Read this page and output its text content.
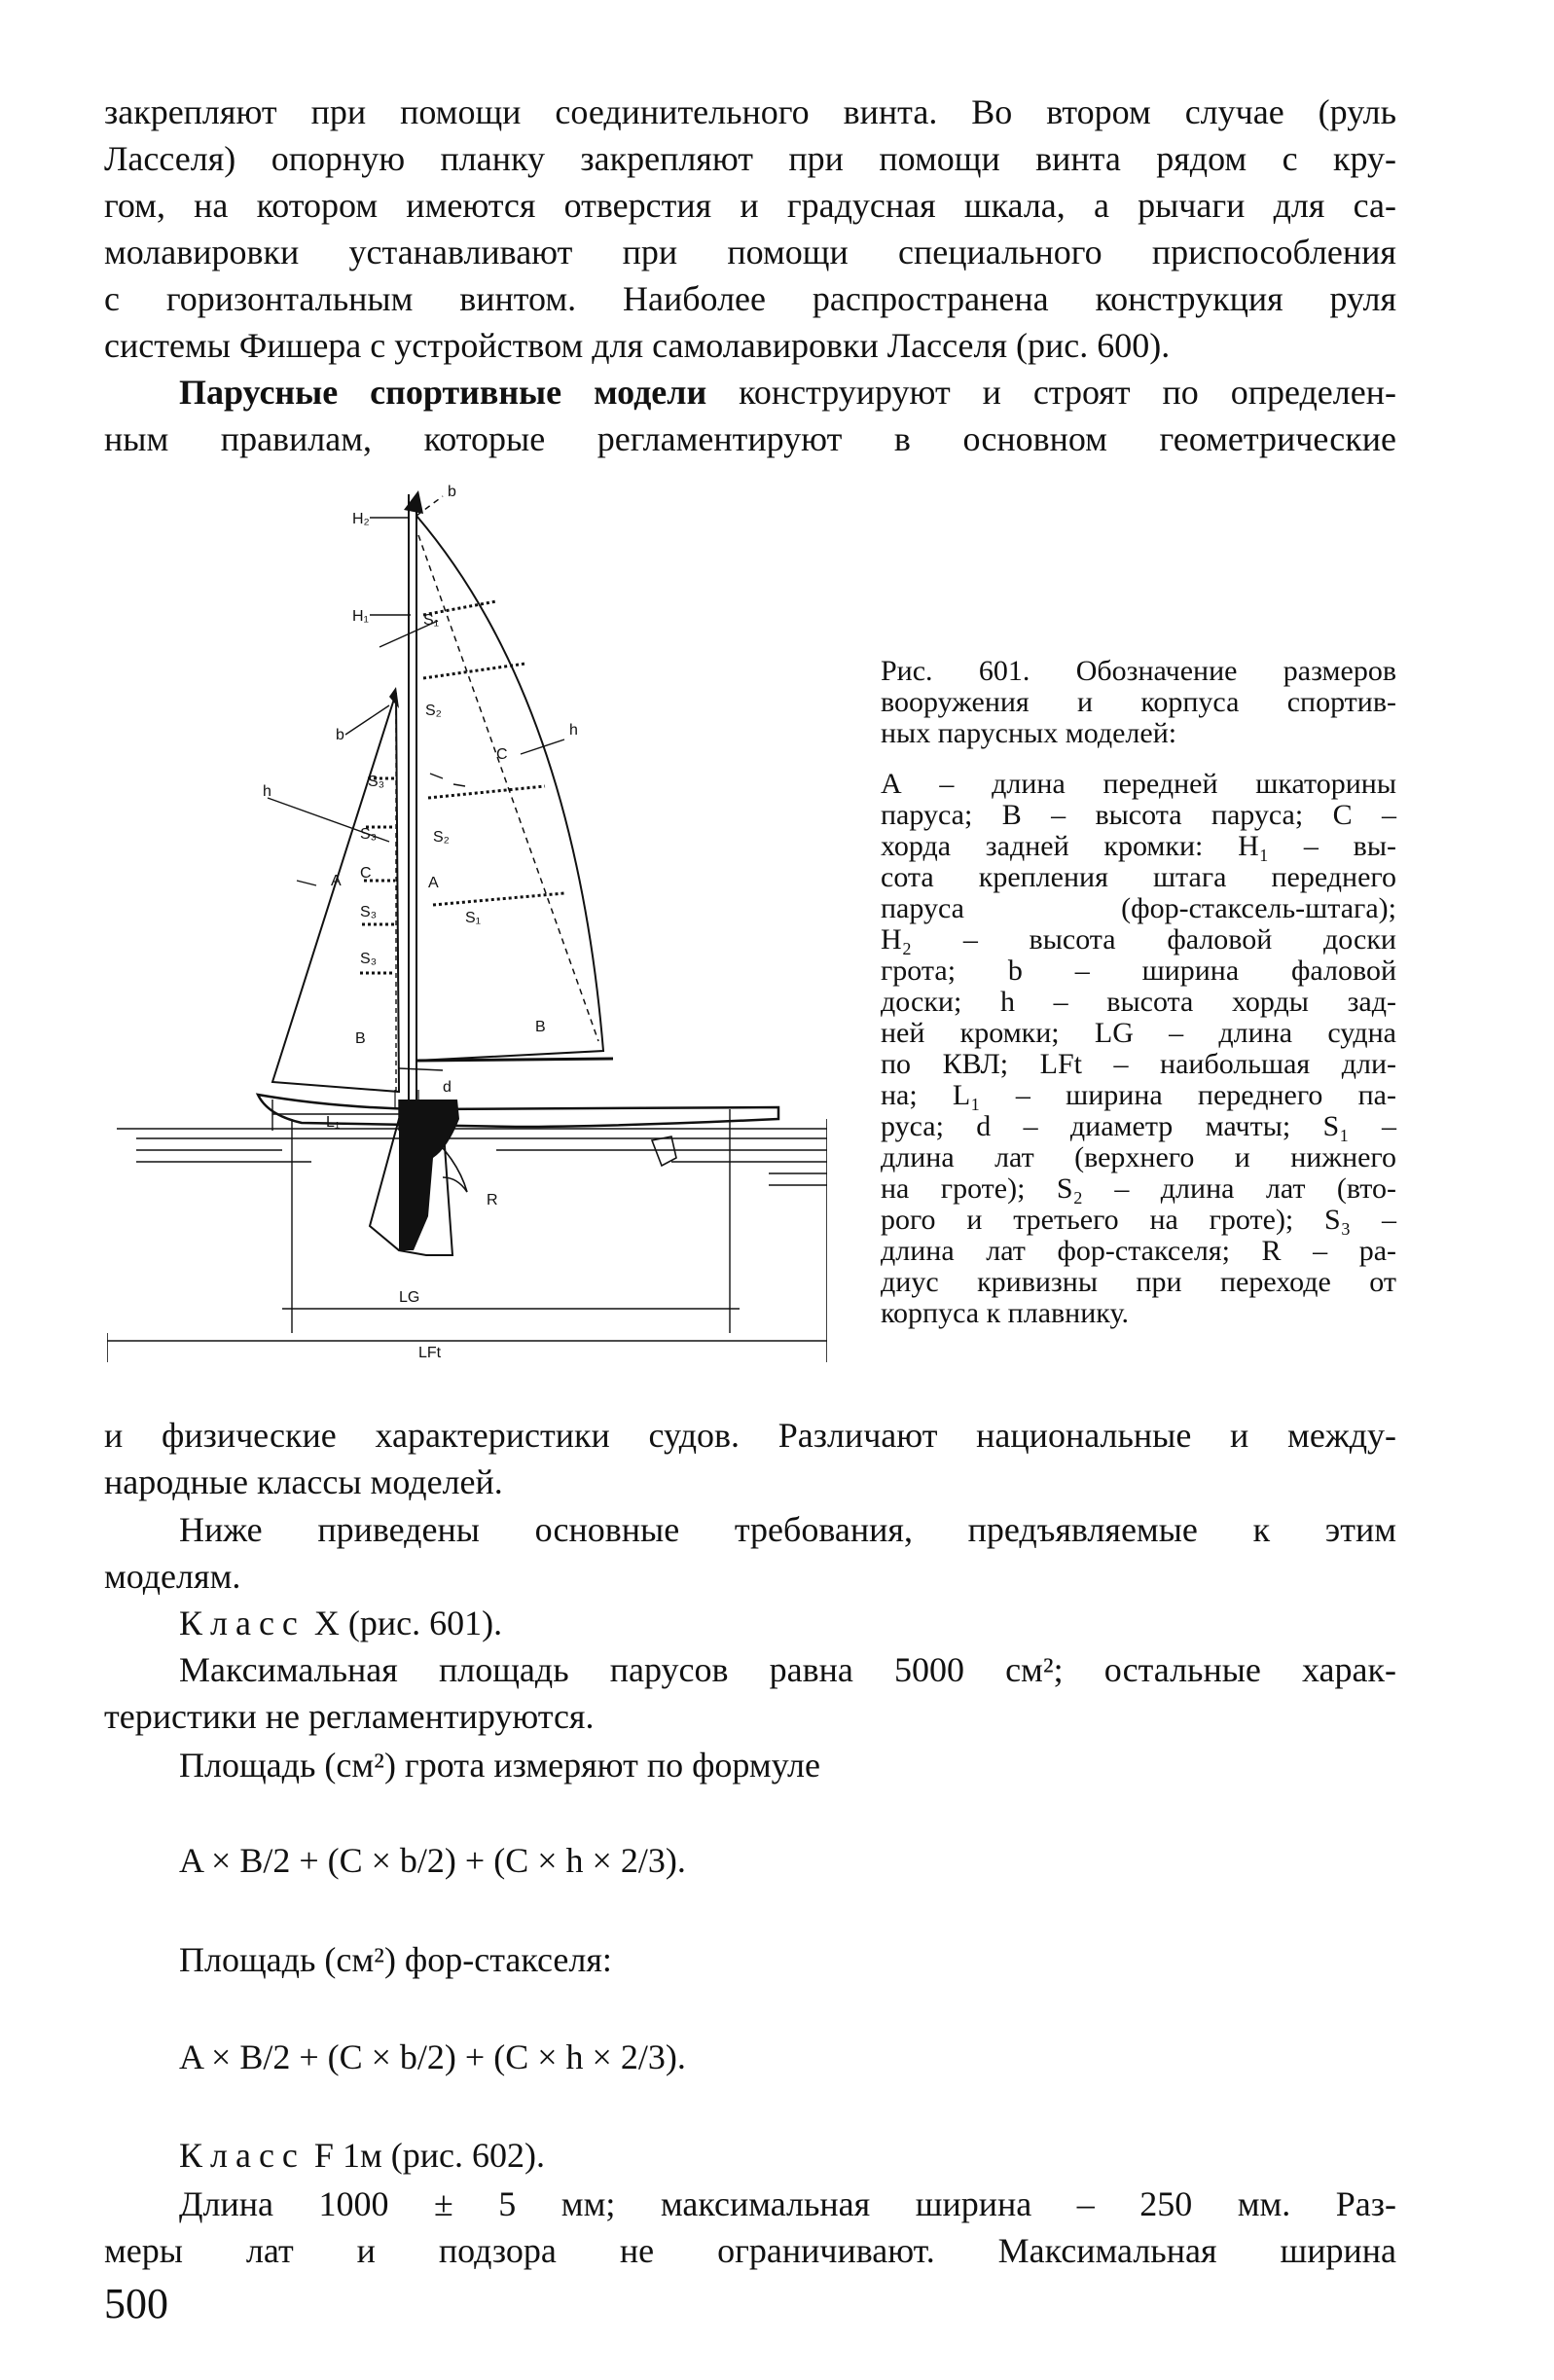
закрепляют при помощи соединительного винта. Во втором случае (руль
Ласселя) опорную планку закрепляют при помощи винта рядом с кру-
гом, на котором имеются отверстия и градусная шкала, а рычаги для са-
молавировки устанавливают при помощи специального приспособления
с горизонтальным винтом. Наиболее распространена конструкция руля
системы Фишера с устройством для самолавировки Ласселя (рис. 600).
Парусные спортивные модели конструируют и строят по определен-
ным правилам, которые регламентируют в основном геометрические
H₂
b
H₁	S₁
h
b
S₂
C
S₃
S₂
h
S₃
A C
A
S₃	S₁
S₃
B
B
d
L₁
R
LG
LFt
Рис. 601. Обозначение размеров
вооружения и корпуса спортив-
ных парусных моделей:
А – длина передней шкаторины
паруса; В – высота паруса; С –
хорда задней кромки: H₁ – вы-
сота крепления штага переднего
паруса (фор-стаксель-штага);
H₂ – высота фаловой доски
грота; b – ширина фаловой
доски; h – высота хорды зад-
ней кромки; LG – длина судна
по КВЛ; LFt – наибольшая дли-
на; L₁ – ширина переднего па-
руса; d – диаметр мачты; S₁ –
длина лат (верхнего и нижнего
на гроте); S₂ – длина лат (вто-
рого и третьего на гроте); S₃ –
длина лат фор-стакселя; R – ра-
диус кривизны при переходе от
корпуса к плавнику.
и физические характеристики судов. Различают национальные и между-
народные классы моделей.
Ниже приведены основные требования, предъявляемые к этим
моделям.
Класс X (рис. 601).
Максимальная площадь парусов равна 5000 см²; остальные харак-
теристики не регламентируются.
Площадь (см²) грота измеряют по формуле
A × B/2 + (C × b/2) + (C × h × 2/3).
Площадь (см²) фор-стакселя:
A × B/2 + (C × b/2) + (C × h × 2/3).
Класс F 1м (рис. 602).
Длина 1000 ± 5 мм; максимальная ширина – 250 мм. Раз-
меры лат и подзора не ограничивают. Максимальная ширина
500
